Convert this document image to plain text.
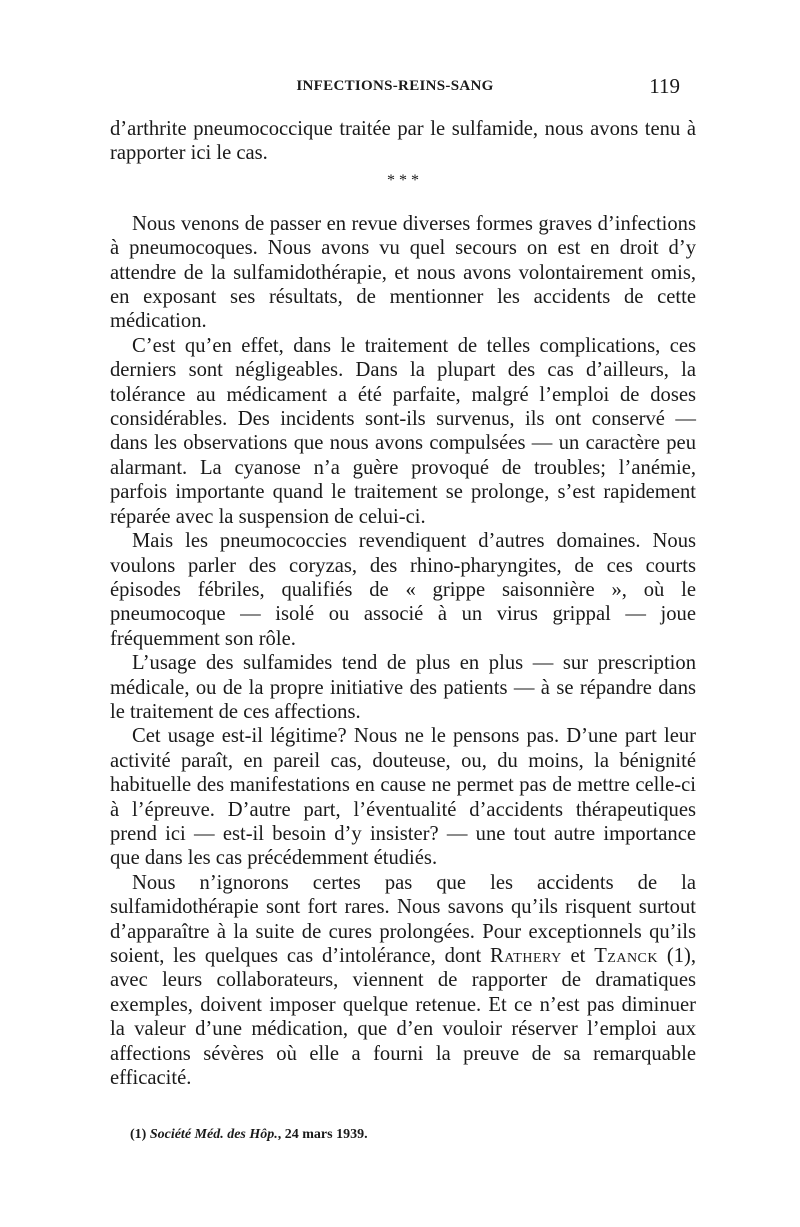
INFECTIONS-REINS-SANG	119

d’arthrite pneumococcique traitée par le sulfamide, nous avons tenu à rapporter ici le cas.

* * *

Nous venons de passer en revue diverses formes graves d’infections à pneumocoques. Nous avons vu quel secours on est en droit d’y attendre de la sulfamidothérapie, et nous avons volontairement omis, en exposant ses résultats, de mentionner les accidents de cette médication.

C’est qu’en effet, dans le traitement de telles complications, ces derniers sont négligeables. Dans la plupart des cas d’ailleurs, la tolérance au médicament a été parfaite, malgré l’emploi de doses considérables. Des incidents sont-ils survenus, ils ont conservé — dans les observations que nous avons compulsées — un caractère peu alarmant. La cyanose n’a guère provoqué de troubles; l’anémie, parfois importante quand le traitement se prolonge, s’est rapidement réparée avec la suspension de celui-ci.

Mais les pneumococcies revendiquent d’autres domaines. Nous voulons parler des coryzas, des rhino-pharyngites, de ces courts épisodes fébriles, qualifiés de « grippe saisonnière », où le pneumocoque — isolé ou associé à un virus grippal — joue fréquemment son rôle.

L’usage des sulfamides tend de plus en plus — sur prescription médicale, ou de la propre initiative des patients — à se répandre dans le traitement de ces affections.

Cet usage est-il légitime? Nous ne le pensons pas. D’une part leur activité paraît, en pareil cas, douteuse, ou, du moins, la bénignité habituelle des manifestations en cause ne permet pas de mettre celle-ci à l’épreuve. D’autre part, l’éventualité d’accidents thérapeutiques prend ici — est-il besoin d’y insister? — une tout autre importance que dans les cas précédemment étudiés.

Nous n’ignorons certes pas que les accidents de la sulfamidothérapie sont fort rares. Nous savons qu’ils risquent surtout d’apparaître à la suite de cures prolongées. Pour exceptionnels qu’ils soient, les quelques cas d’intolérance, dont Rathery et Tzanck (1), avec leurs collaborateurs, viennent de rapporter de dramatiques exemples, doivent imposer quelque retenue. Et ce n’est pas diminuer la valeur d’une médication, que d’en vouloir réserver l’emploi aux affections sévères où elle a fourni la preuve de sa remarquable efficacité.

(1) Société Méd. des Hôp., 24 mars 1939.
